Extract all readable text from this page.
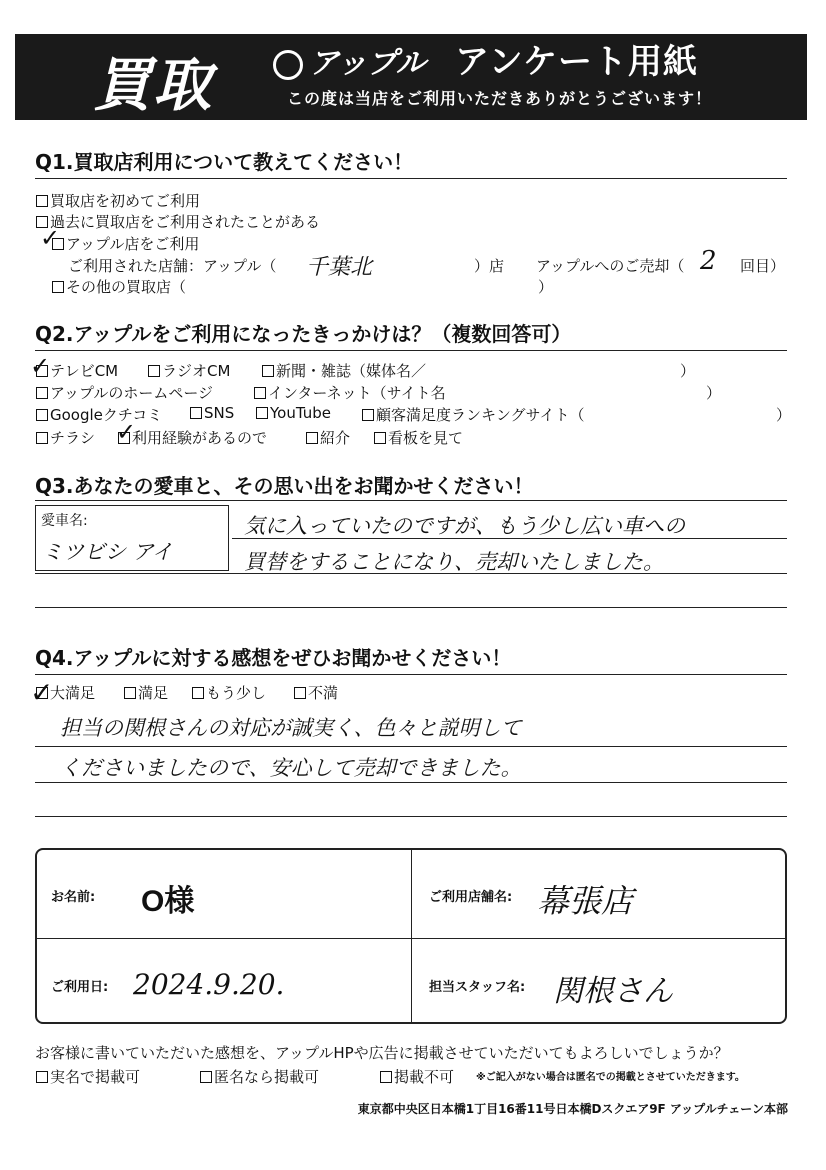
買取	アップル アンケート用紙
この度は当店をご利用いただきありがとうございます！
Q1.買取店利用について教えてください！
買取店を初めてご利用
過去に買取店をご利用されたことがある
アップル店をご利用
✓
ご利用された店舗：アップル（ 千葉北	）店 アップルへのご売却（ 2 回目）
その他の買取店（	）
Q2.アップルをご利用になったきっかけは？（複数回答可）
テレビCM
✓	ラジオCM	新聞・雑誌（媒体名／	）
アップルのホームページ	インターネット（サイト名	）
Googleクチコミ	SNS	YouTube	顧客満足度ランキングサイト（	）
チラシ	利用経験があるので
✓	紹介	看板を見て
Q3.あなたの愛車と、その思い出をお聞かせください！
愛車名:
ミツビシ アイ
気に入っていたのですが、もう少し広い車への
買替をすることになり、売却いたしました。
Q4.アップルに対する感想をぜひお聞かせください！
大満足
✓	満足	もう少し	不満
担当の関根さんの対応が誠実く、色々と説明して
くださいましたので、安心して売却できました。
お名前: O様	ご利用店舗名: 幕張店
ご利用日: 2024.9.20.	担当スタッフ名: 関根さん
お客様に書いていただいた感想を、アップルHPや広告に掲載させていただいてもよろしいでしょうか？
実名で掲載可	匿名なら掲載可	掲載不可 ※ご記入がない場合は匿名での掲載とさせていただきます。
東京都中央区日本橋1丁目16番11号日本橋Dスクエア9F アップルチェーン本部
